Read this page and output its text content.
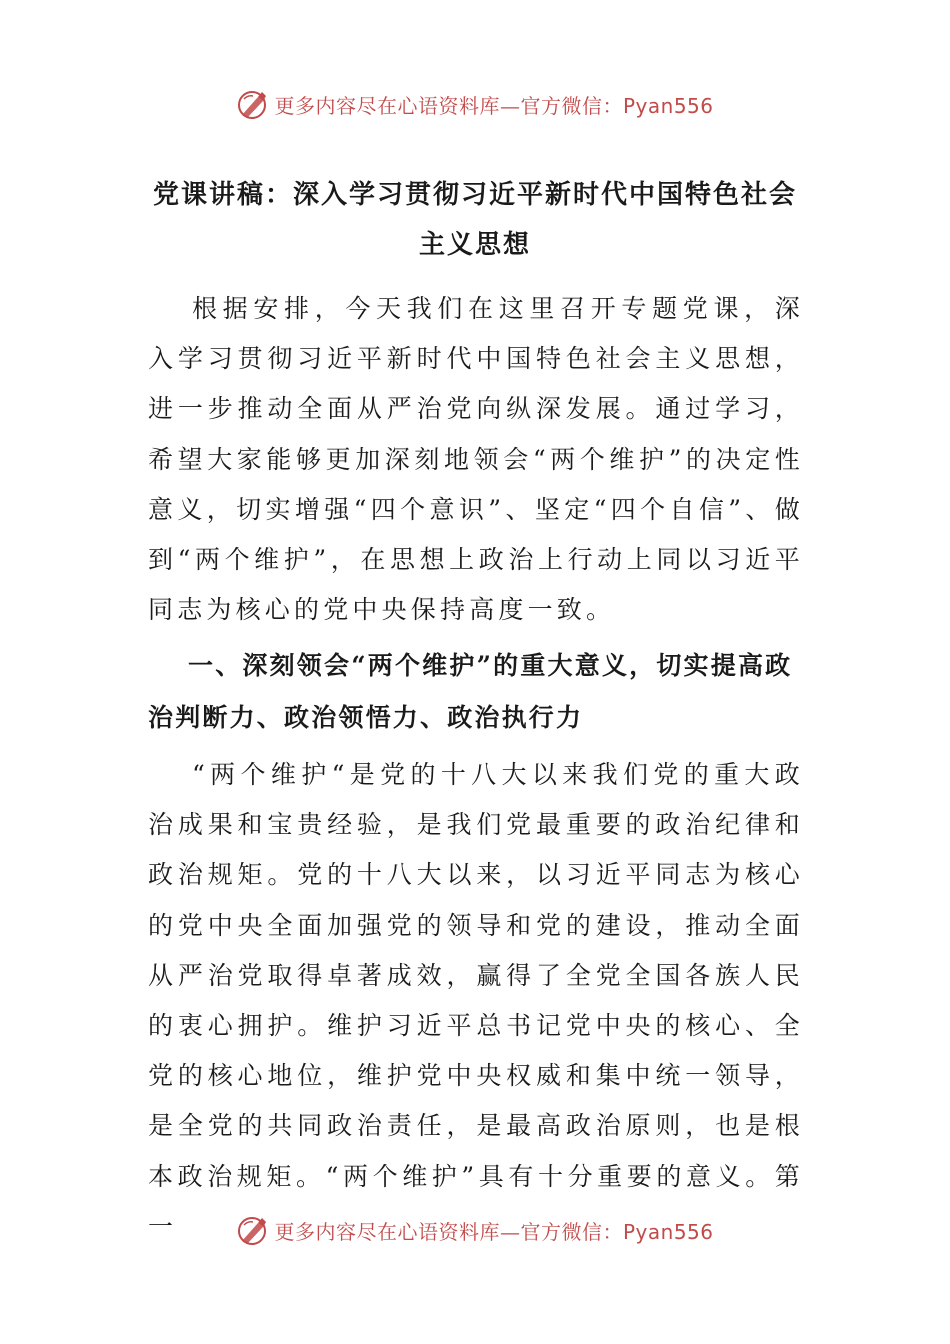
更多内容尽在心语资料库—官方微信：Pyan556
党课讲稿：深入学习贯彻习近平新时代中国特色社会主义思想

根据安排，今天我们在这里召开专题党课，深入学习贯彻习近平新时代中国特色社会主义思想，进一步推动全面从严治党向纵深发展。通过学习，希望大家能够更加深刻地领会“两个维护”的决定性意义，切实增强“四个意识”、坚定“四个自信”、做到“两个维护”，在思想上政治上行动上同以习近平同志为核心的党中央保持高度一致。

一、深刻领会“两个维护”的重大意义，切实提高政治判断力、政治领悟力、政治执行力

“两个维护“是党的十八大以来我们党的重大政治成果和宝贵经验，是我们党最重要的政治纪律和政治规矩。党的十八大以来，以习近平同志为核心的党中央全面加强党的领导和党的建设，推动全面从严治党取得卓著成效，赢得了全党全国各族人民的衷心拥护。维护习近平总书记党中央的核心、全党的核心地位，维护党中央权威和集中统一领导，是全党的共同政治责任，是最高政治原则，也是根本政治规矩。“两个维护”具有十分重要的意义。第一	更多内容尽在心语资料库—官方微信：Pyan556
